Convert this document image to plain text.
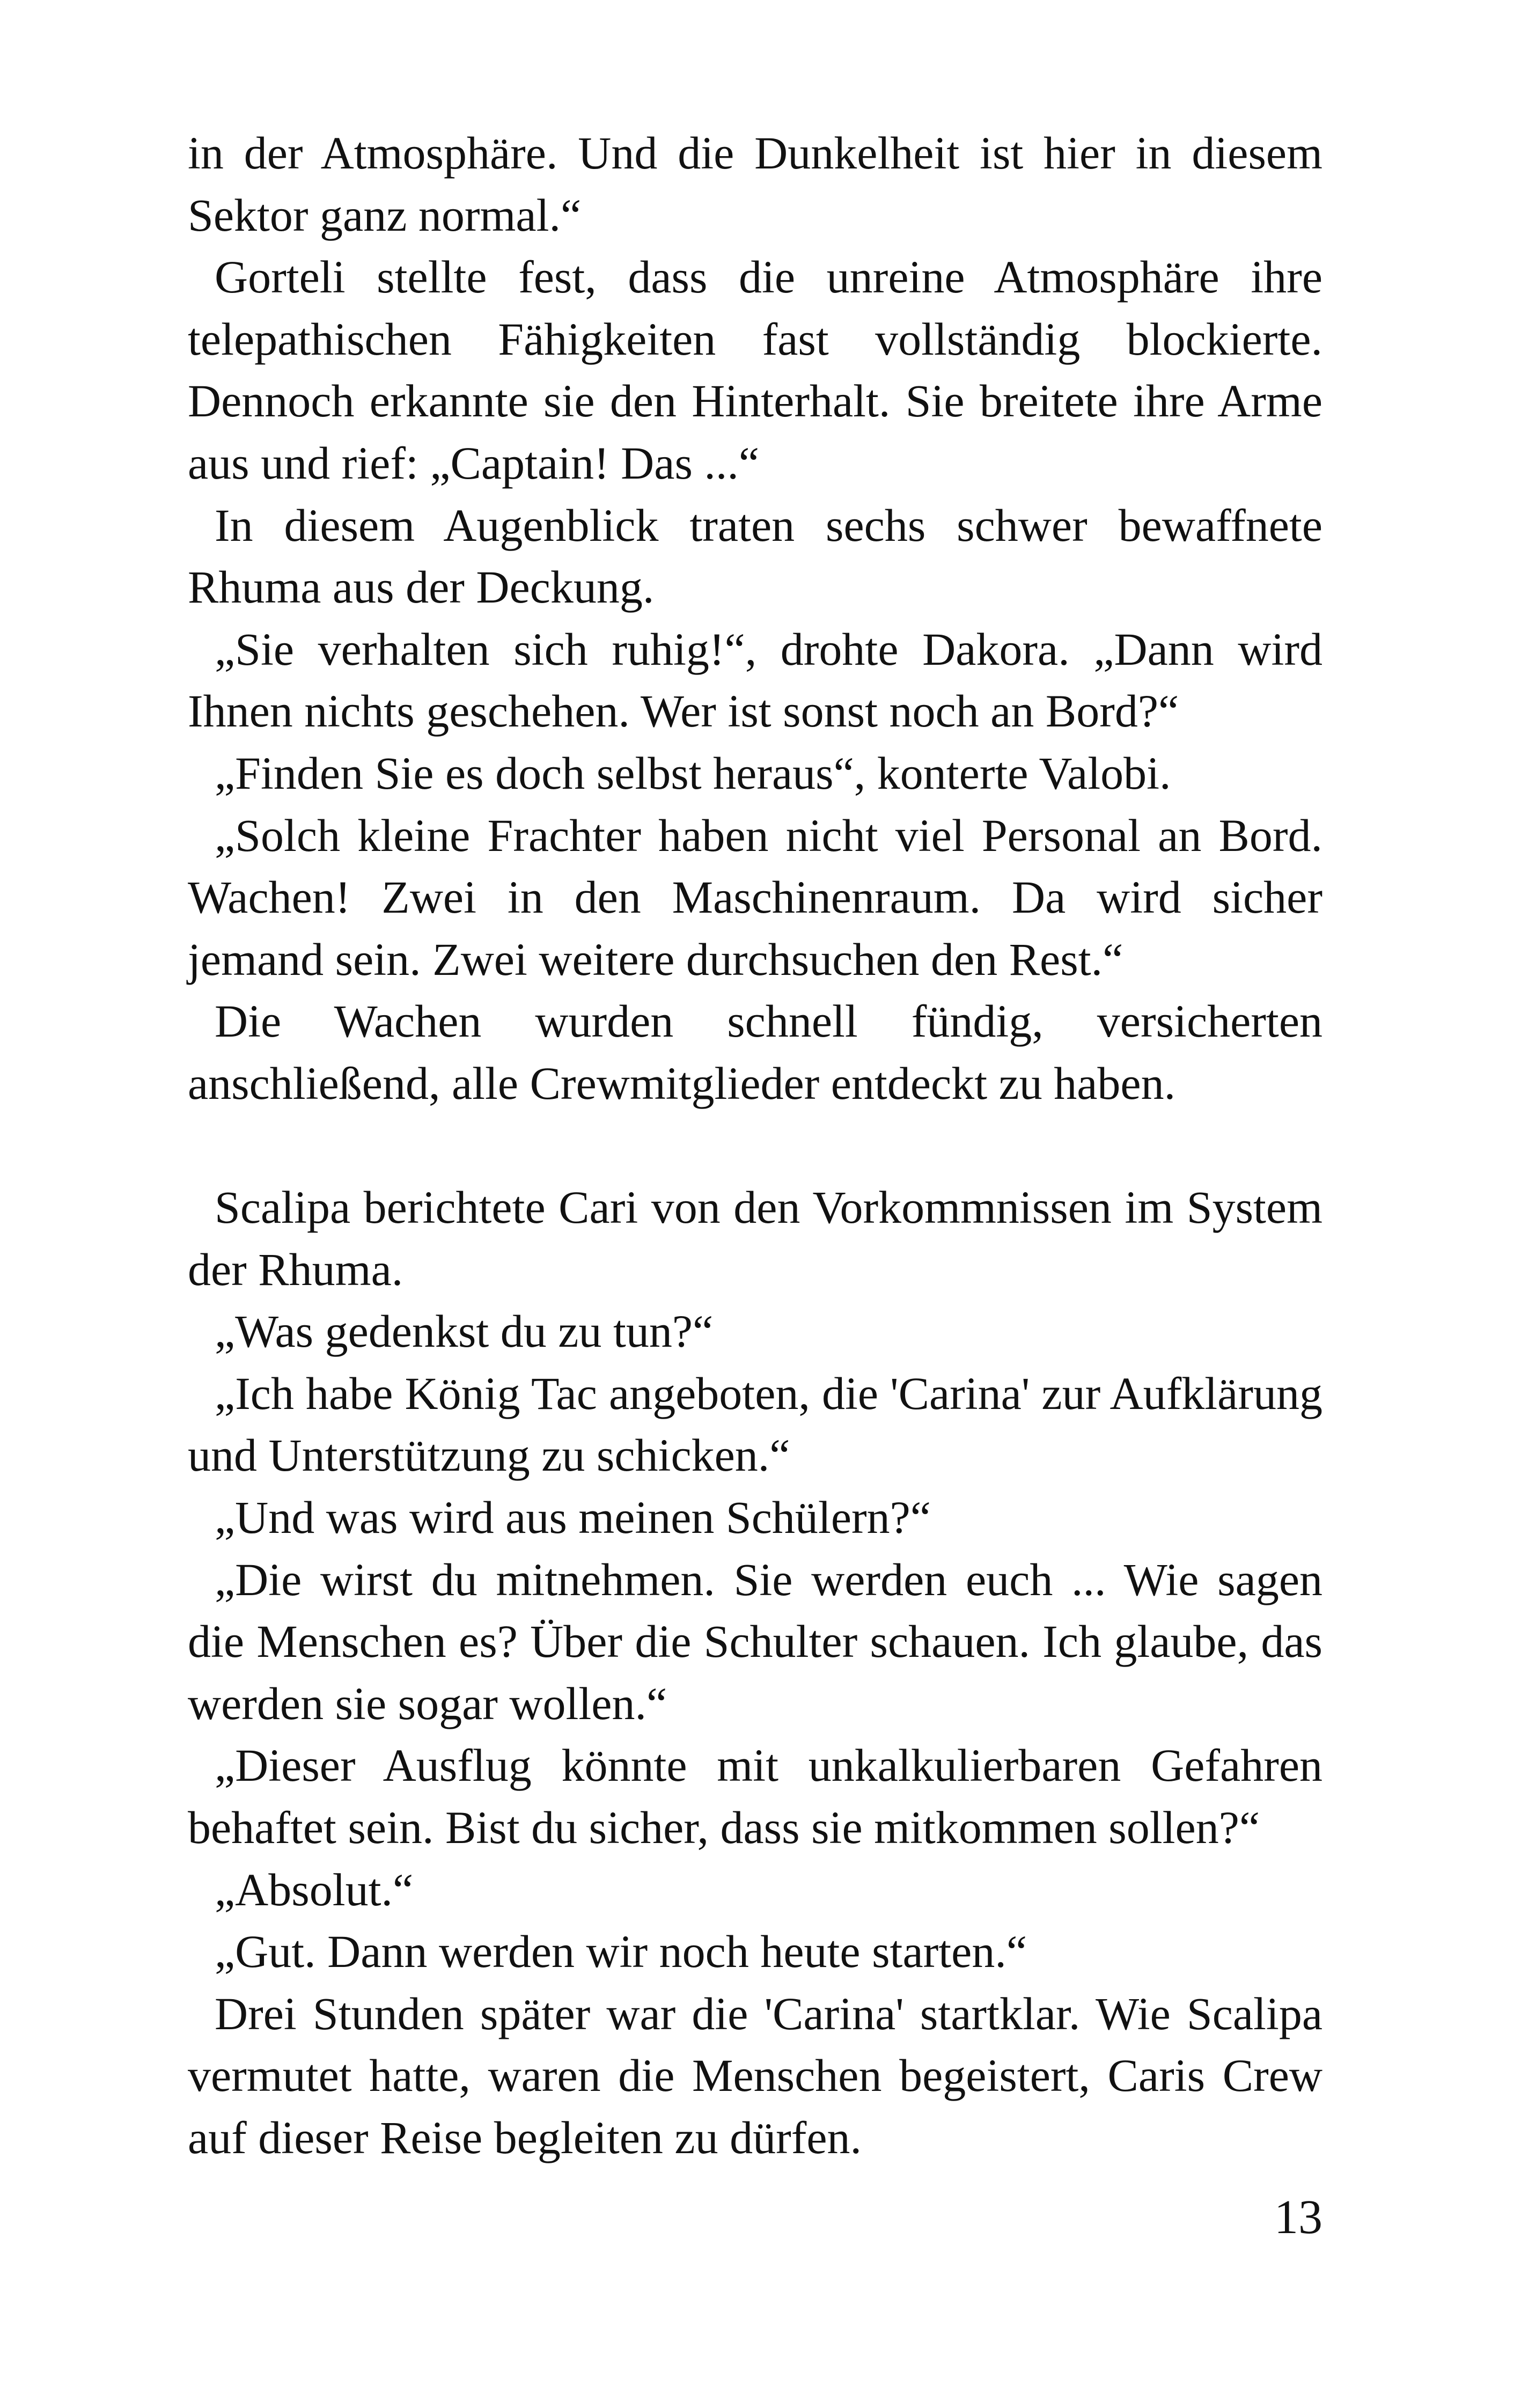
in der Atmosphäre. Und die Dunkelheit ist hier in diesem Sektor ganz normal.“

Gorteli stellte fest, dass die unreine Atmosphäre ihre telepathischen Fähigkeiten fast vollständig blockierte. Dennoch erkannte sie den Hinterhalt. Sie breitete ihre Arme aus und rief: „Captain! Das ...“

In diesem Augenblick traten sechs schwer bewaffnete Rhuma aus der Deckung.

„Sie verhalten sich ruhig!“, drohte Dakora. „Dann wird Ihnen nichts geschehen. Wer ist sonst noch an Bord?“

„Finden Sie es doch selbst heraus“, konterte Valobi.

„Solch kleine Frachter haben nicht viel Personal an Bord. Wachen! Zwei in den Maschinenraum. Da wird sicher jemand sein. Zwei weitere durchsuchen den Rest.“

Die Wachen wurden schnell fündig, versicherten anschließend, alle Crewmitglieder entdeckt zu haben.

Scalipa berichtete Cari von den Vorkommnissen im System der Rhuma.

„Was gedenkst du zu tun?“

„Ich habe König Tac angeboten, die 'Carina' zur Aufklärung und Unterstützung zu schicken.“

„Und was wird aus meinen Schülern?“

„Die wirst du mitnehmen. Sie werden euch ... Wie sagen die Menschen es? Über die Schulter schauen. Ich glaube, das werden sie sogar wollen.“

„Dieser Ausflug könnte mit unkalkulierbaren Gefahren behaftet sein. Bist du sicher, dass sie mitkommen sollen?“

„Absolut.“

„Gut. Dann werden wir noch heute starten.“

Drei Stunden später war die 'Carina' startklar. Wie Scalipa vermutet hatte, waren die Menschen begeistert, Caris Crew auf dieser Reise begleiten zu dürfen.

13
